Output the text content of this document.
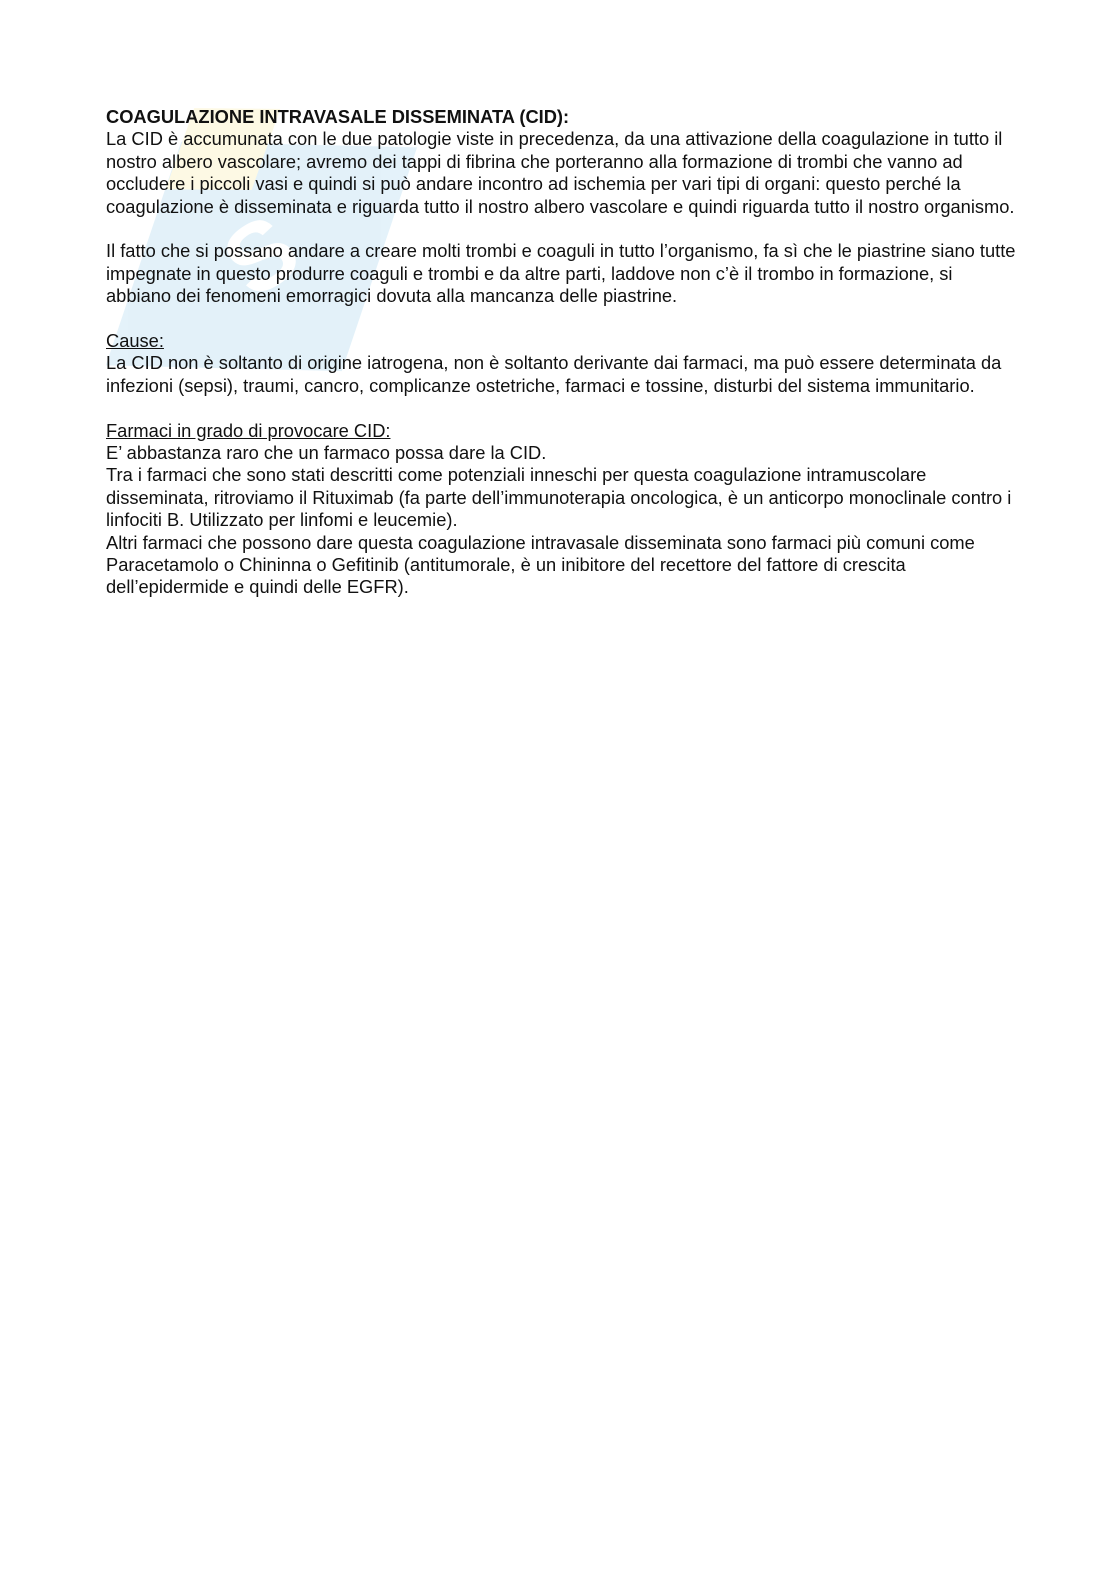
S

COAGULAZIONE INTRAVASALE DISSEMINATA (CID):

La CID è accumunata con le due patologie viste in precedenza, da una attivazione della coagulazione in tutto il nostro albero vascolare; avremo dei tappi di fibrina che porteranno alla formazione di trombi che vanno ad occludere i piccoli vasi e quindi si può andare incontro ad ischemia per vari tipi di organi: questo perché la coagulazione è disseminata e riguarda tutto il nostro albero vascolare e quindi riguarda tutto il nostro organismo.

Il fatto che si possano andare a creare molti trombi e coaguli in tutto l’organismo, fa sì che le piastrine siano tutte impegnate in questo produrre coaguli e trombi e da altre parti, laddove non c’è il trombo in formazione, si abbiano dei fenomeni emorragici dovuta alla mancanza delle piastrine.

Cause:

La CID non è soltanto di origine iatrogena, non è soltanto derivante dai farmaci, ma può essere determinata da infezioni (sepsi), traumi, cancro, complicanze ostetriche, farmaci e tossine, disturbi del sistema immunitario.

Farmaci in grado di provocare CID:

E’ abbastanza raro che un farmaco possa dare la CID.

Tra i farmaci che sono stati descritti come potenziali inneschi per questa coagulazione intramuscolare disseminata, ritroviamo il Rituximab (fa parte dell’immunoterapia oncologica, è un anticorpo monoclinale contro i linfociti B. Utilizzato per linfomi e leucemie).

Altri farmaci che possono dare questa coagulazione intravasale disseminata sono farmaci più comuni come Paracetamolo o Chininna o Gefitinib (antitumorale, è un inibitore del recettore del fattore di crescita dell’epidermide e quindi delle EGFR).
